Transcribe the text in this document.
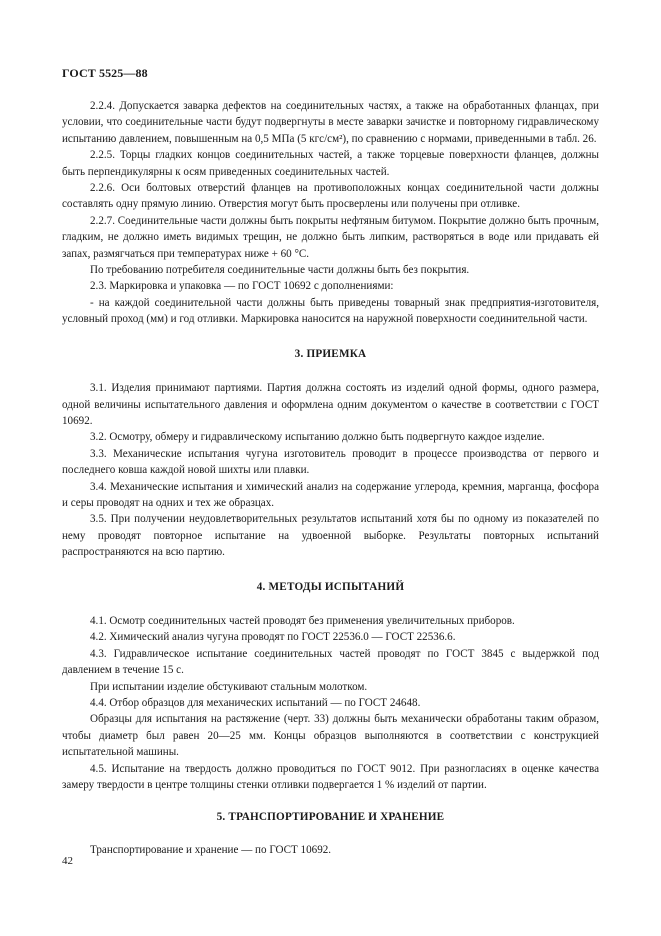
ГОСТ 5525—88

2.2.4. Допускается заварка дефектов на соединительных частях, а также на обработанных фланцах, при условии, что соединительные части будут подвергнуты в месте заварки зачистке и повторному гидравлическому испытанию давлением, повышенным на 0,5 МПа (5 кгс/см²), по сравнению с нормами, приведенными в табл. 26.

2.2.5. Торцы гладких концов соединительных частей, а также торцевые поверхности фланцев, должны быть перпендикулярны к осям приведенных соединительных частей.

2.2.6. Оси болтовых отверстий фланцев на противоположных концах соединительной части должны составлять одну прямую линию. Отверстия могут быть просверлены или получены при отливке.

2.2.7. Соединительные части должны быть покрыты нефтяным битумом. Покрытие должно быть прочным, гладким, не должно иметь видимых трещин, не должно быть липким, растворяться в воде или придавать ей запах, размягчаться при температурах ниже + 60 °С.

По требованию потребителя соединительные части должны быть без покрытия.

2.3. Маркировка и упаковка — по ГОСТ 10692 с дополнениями:

- на каждой соединительной части должны быть приведены товарный знак предприятия-изготовителя, условный проход (мм) и год отливки. Маркировка наносится на наружной поверхности соединительной части.

3. ПРИЕМКА

3.1. Изделия принимают партиями. Партия должна состоять из изделий одной формы, одного размера, одной величины испытательного давления и оформлена одним документом о качестве в соответствии с ГОСТ 10692.

3.2. Осмотру, обмеру и гидравлическому испытанию должно быть подвергнуто каждое изделие.

3.3. Механические испытания чугуна изготовитель проводит в процессе производства от первого и последнего ковша каждой новой шихты или плавки.

3.4. Механические испытания и химический анализ на содержание углерода, кремния, марганца, фосфора и серы проводят на одних и тех же образцах.

3.5. При получении неудовлетворительных результатов испытаний хотя бы по одному из показателей по нему проводят повторное испытание на удвоенной выборке. Результаты повторных испытаний распространяются на всю партию.

4. МЕТОДЫ ИСПЫТАНИЙ

4.1. Осмотр соединительных частей проводят без применения увеличительных приборов.

4.2. Химический анализ чугуна проводят по ГОСТ 22536.0 — ГОСТ 22536.6.

4.3. Гидравлическое испытание соединительных частей проводят по ГОСТ 3845 с выдержкой под давлением в течение 15 с.

При испытании изделие обстукивают стальным молотком.

4.4. Отбор образцов для механических испытаний — по ГОСТ 24648.

Образцы для испытания на растяжение (черт. 33) должны быть механически обработаны таким образом, чтобы диаметр был равен 20—25 мм. Концы образцов выполняются в соответствии с конструкцией испытательной машины.

4.5. Испытание на твердость должно проводиться по ГОСТ 9012. При разногласиях в оценке качества замеру твердости в центре толщины стенки отливки подвергается 1 % изделий от партии.

5. ТРАНСПОРТИРОВАНИЕ И ХРАНЕНИЕ

Транспортирование и хранение — по ГОСТ 10692.

42
